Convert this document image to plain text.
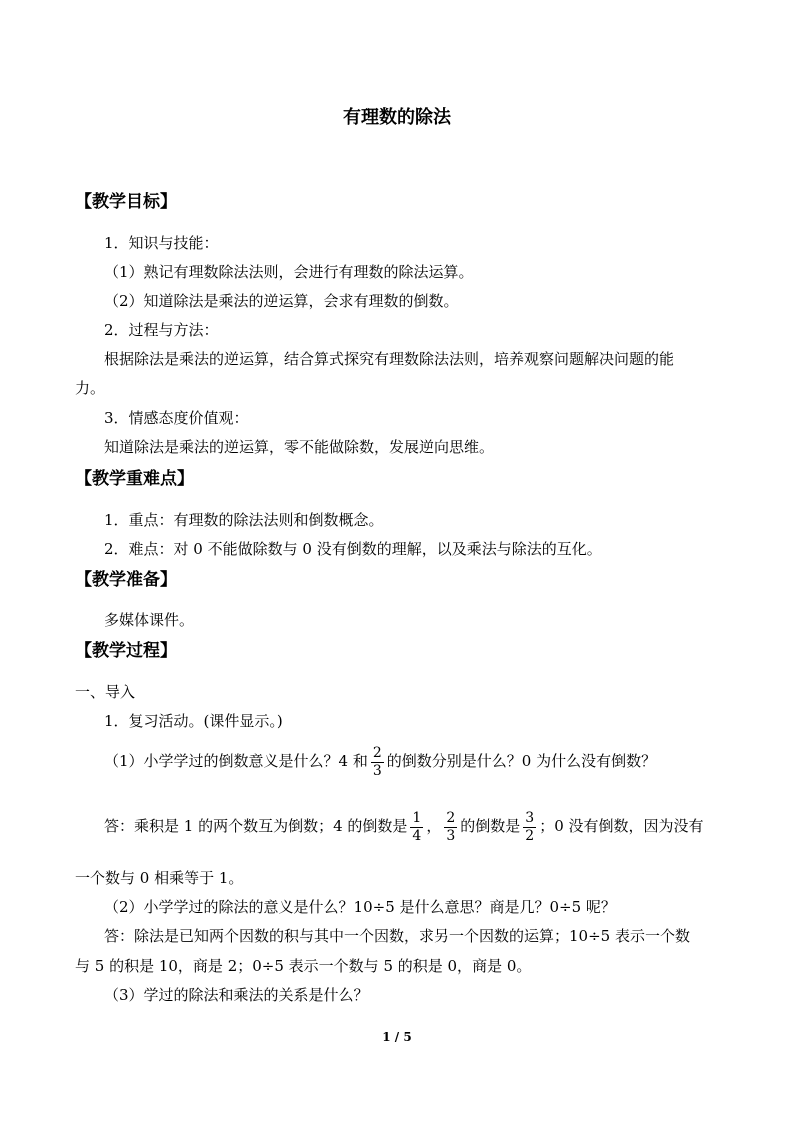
有理数的除法
【教学目标】
1．知识与技能：
（1）熟记有理数除法法则，会进行有理数的除法运算。
（2）知道除法是乘法的逆运算，会求有理数的倒数。
2．过程与方法：
根据除法是乘法的逆运算，结合算式探究有理数除法法则，培养观察问题解决问题的能
力。
3．情感态度价值观：
知道除法是乘法的逆运算，零不能做除数，发展逆向思维。
【教学重难点】
1．重点：有理数的除法法则和倒数概念。
2．难点：对 0 不能做除数与 0 没有倒数的理解，以及乘法与除法的互化。
【教学准备】
多媒体课件。
【教学过程】
一、导入
1．复习活动。(课件显示。)
（1）小学学过的倒数意义是什么？4 和 $\frac{2}{3}$ 的倒数分别是什么？0 为什么没有倒数？
答：乘积是 1 的两个数互为倒数；4 的倒数是 $\frac{1}{4}$ ， $\frac{2}{3}$ 的倒数是 $\frac{3}{2}$ ；0 没有倒数，因为没有
一个数与 0 相乘等于 1。
（2）小学学过的除法的意义是什么？10÷5 是什么意思？商是几？0÷5 呢？
答：除法是已知两个因数的积与其中一个因数，求另一个因数的运算；10÷5 表示一个数
与 5 的积是 10，商是 2；0÷5 表示一个数与 5 的积是 0，商是 0。
（3）学过的除法和乘法的关系是什么？
1 / 5
